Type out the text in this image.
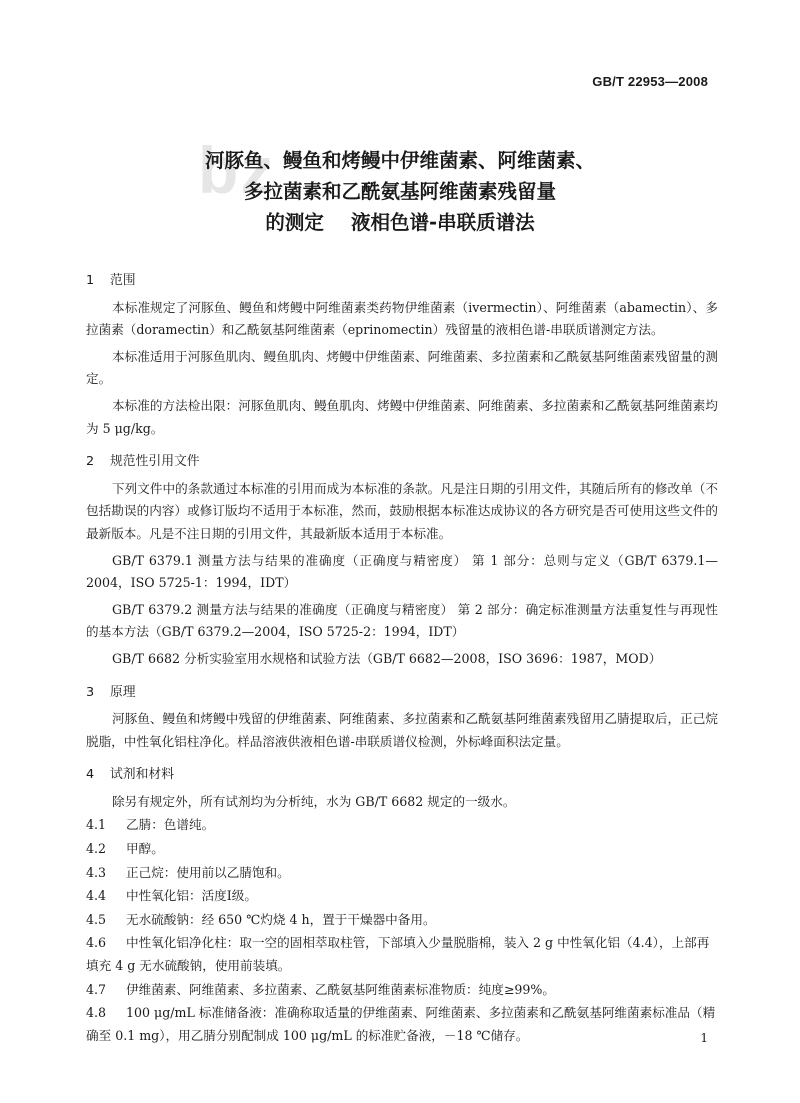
GB/T 22953—2008
bz
河豚鱼、鳗鱼和烤鳗中伊维菌素、阿维菌素、
多拉菌素和乙酰氨基阿维菌素残留量
的测定    液相色谱-串联质谱法
1 范围
本标准规定了河豚鱼、鳗鱼和烤鳗中阿维菌素类药物伊维菌素（ivermectin）、阿维菌素（abamectin）、多拉菌素（doramectin）和乙酰氨基阿维菌素（eprinomectin）残留量的液相色谱-串联质谱测定方法。
本标准适用于河豚鱼肌肉、鳗鱼肌肉、烤鳗中伊维菌素、阿维菌素、多拉菌素和乙酰氨基阿维菌素残留量的测定。
本标准的方法检出限：河豚鱼肌肉、鳗鱼肌肉、烤鳗中伊维菌素、阿维菌素、多拉菌素和乙酰氨基阿维菌素均为 5 μg/kg。
2 规范性引用文件
下列文件中的条款通过本标准的引用而成为本标准的条款。凡是注日期的引用文件，其随后所有的修改单（不包括勘误的内容）或修订版均不适用于本标准，然而，鼓励根据本标准达成协议的各方研究是否可使用这些文件的最新版本。凡是不注日期的引用文件，其最新版本适用于本标准。
GB/T 6379.1 测量方法与结果的准确度（正确度与精密度） 第 1 部分：总则与定义（GB/T 6379.1—2004，ISO 5725-1：1994，IDT）
GB/T 6379.2 测量方法与结果的准确度（正确度与精密度） 第 2 部分：确定标准测量方法重复性与再现性的基本方法（GB/T 6379.2—2004，ISO 5725-2：1994，IDT）
GB/T 6682 分析实验室用水规格和试验方法（GB/T 6682—2008，ISO 3696：1987，MOD）
3 原理
河豚鱼、鳗鱼和烤鳗中残留的伊维菌素、阿维菌素、多拉菌素和乙酰氨基阿维菌素残留用乙腈提取后，正己烷脱脂，中性氧化铝柱净化。样品溶液供液相色谱-串联质谱仪检测，外标峰面积法定量。
4 试剂和材料
除另有规定外，所有试剂均为分析纯，水为 GB/T 6682 规定的一级水。
4.1 乙腈：色谱纯。
4.2 甲醇。
4.3 正己烷：使用前以乙腈饱和。
4.4 中性氧化铝：活度Ⅰ级。
4.5 无水硫酸钠：经 650 ℃灼烧 4 h，置于干燥器中备用。
4.6 中性氧化铝净化柱：取一空的固相萃取柱管，下部填入少量脱脂棉，装入 2 g 中性氧化铝（4.4），上部再填充 4 g 无水硫酸钠，使用前装填。
4.7 伊维菌素、阿维菌素、多拉菌素、乙酰氨基阿维菌素标准物质：纯度≥99%。
4.8 100 μg/mL 标准储备液：准确称取适量的伊维菌素、阿维菌素、多拉菌素和乙酰氨基阿维菌素标准品（精确至 0.1 mg），用乙腈分别配制成 100 μg/mL 的标准贮备液，－18 ℃储存。	1
